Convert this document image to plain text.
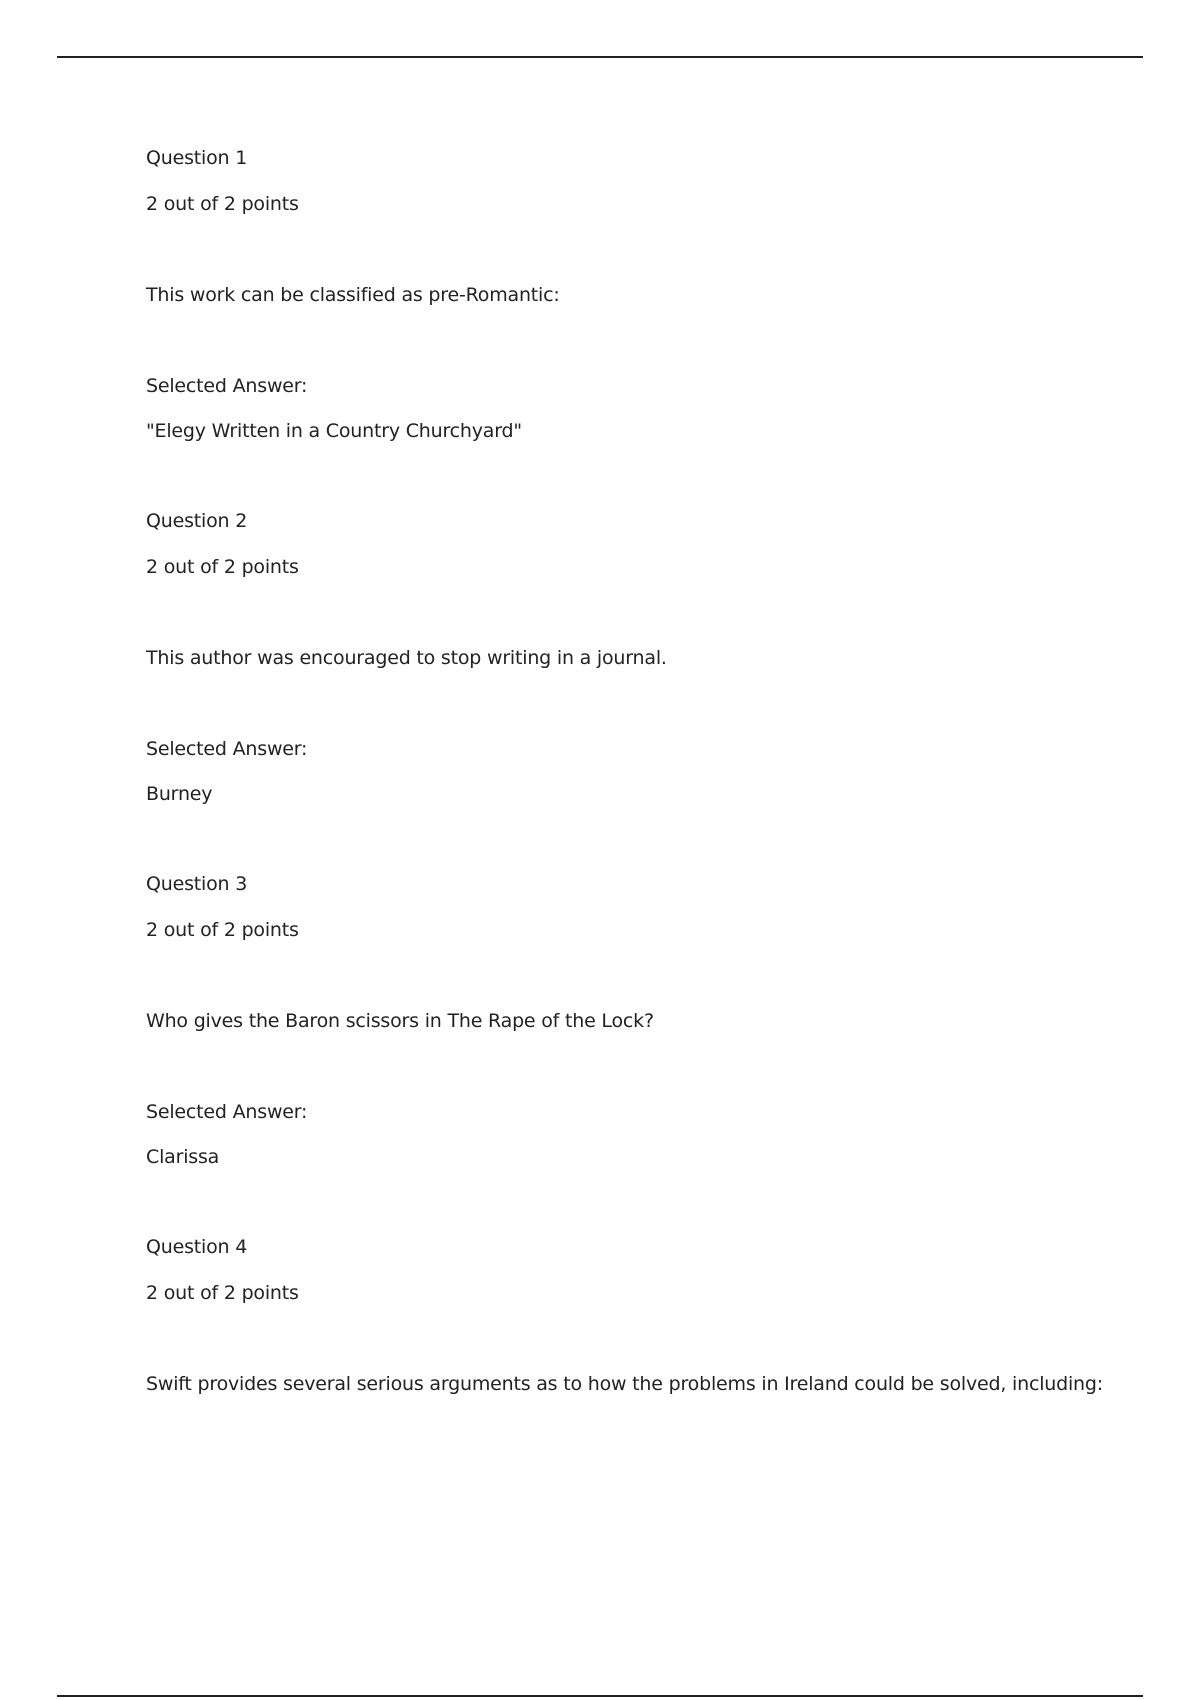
Question 1
2 out of 2 points
This work can be classified as pre-Romantic:
Selected Answer:
"Elegy Written in a Country Churchyard"
Question 2
2 out of 2 points
This author was encouraged to stop writing in a journal.
Selected Answer:
Burney
Question 3
2 out of 2 points
Who gives the Baron scissors in The Rape of the Lock?
Selected Answer:
Clarissa
Question 4
2 out of 2 points
Swift provides several serious arguments as to how the problems in Ireland could be solved, including:
